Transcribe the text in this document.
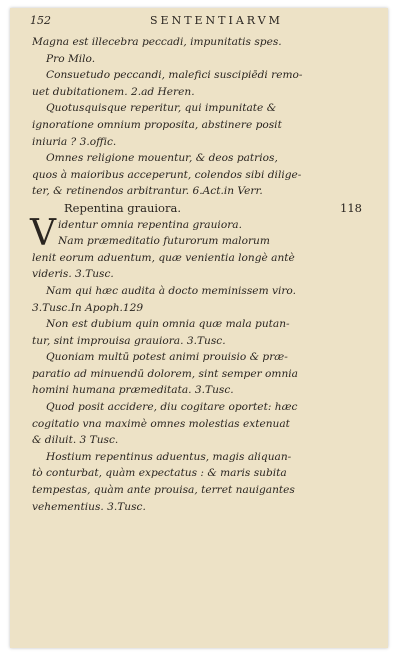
152	SENTENTIARVM
Magna est illecebra peccadi, impunitatis spes.
Pro Milo.
Consuetudo peccandi, malefici suscipiēdi remo-
uet dubitationem. 2.ad Heren.
Quotusquisque reperitur, qui impunitate &
ignoratione omnium proposita, abstinere posit
iniuria ? 3.offic.
Omnes religione mouentur, & deos patrios,
quos à maioribus acceperunt, colendos sibi dilige-
ter, & retinendos arbitrantur. 6.Act.in Verr.
Repentina grauiora.	118
V identur omnia repentina grauiora.
Nam præmeditatio futurorum malorum
lenit eorum aduentum, quæ venientia longè antè
videris. 3.Tusc.
Nam qui hæc audita à docto meminissem viro.
3.Tusc.In Apoph.129
Non est dubium quin omnia quæ mala putan-
tur, sint improuisa grauiora. 3.Tusc.
Quoniam multū potest animi prouisio & præ-
paratio ad minuendū dolorem, sint semper omnia
homini humana præmeditata. 3.Tusc.
Quod posit accidere, diu cogitare oportet: hæc
cogitatio vna maximè omnes molestias extenuat
& diluit. 3 Tusc.
Hostium repentinus aduentus, magis aliquan-
tò conturbat, quàm expectatus : & maris subita
tempestas, quàm ante prouisa, terret nauigantes
vehementius. 3.Tusc.
